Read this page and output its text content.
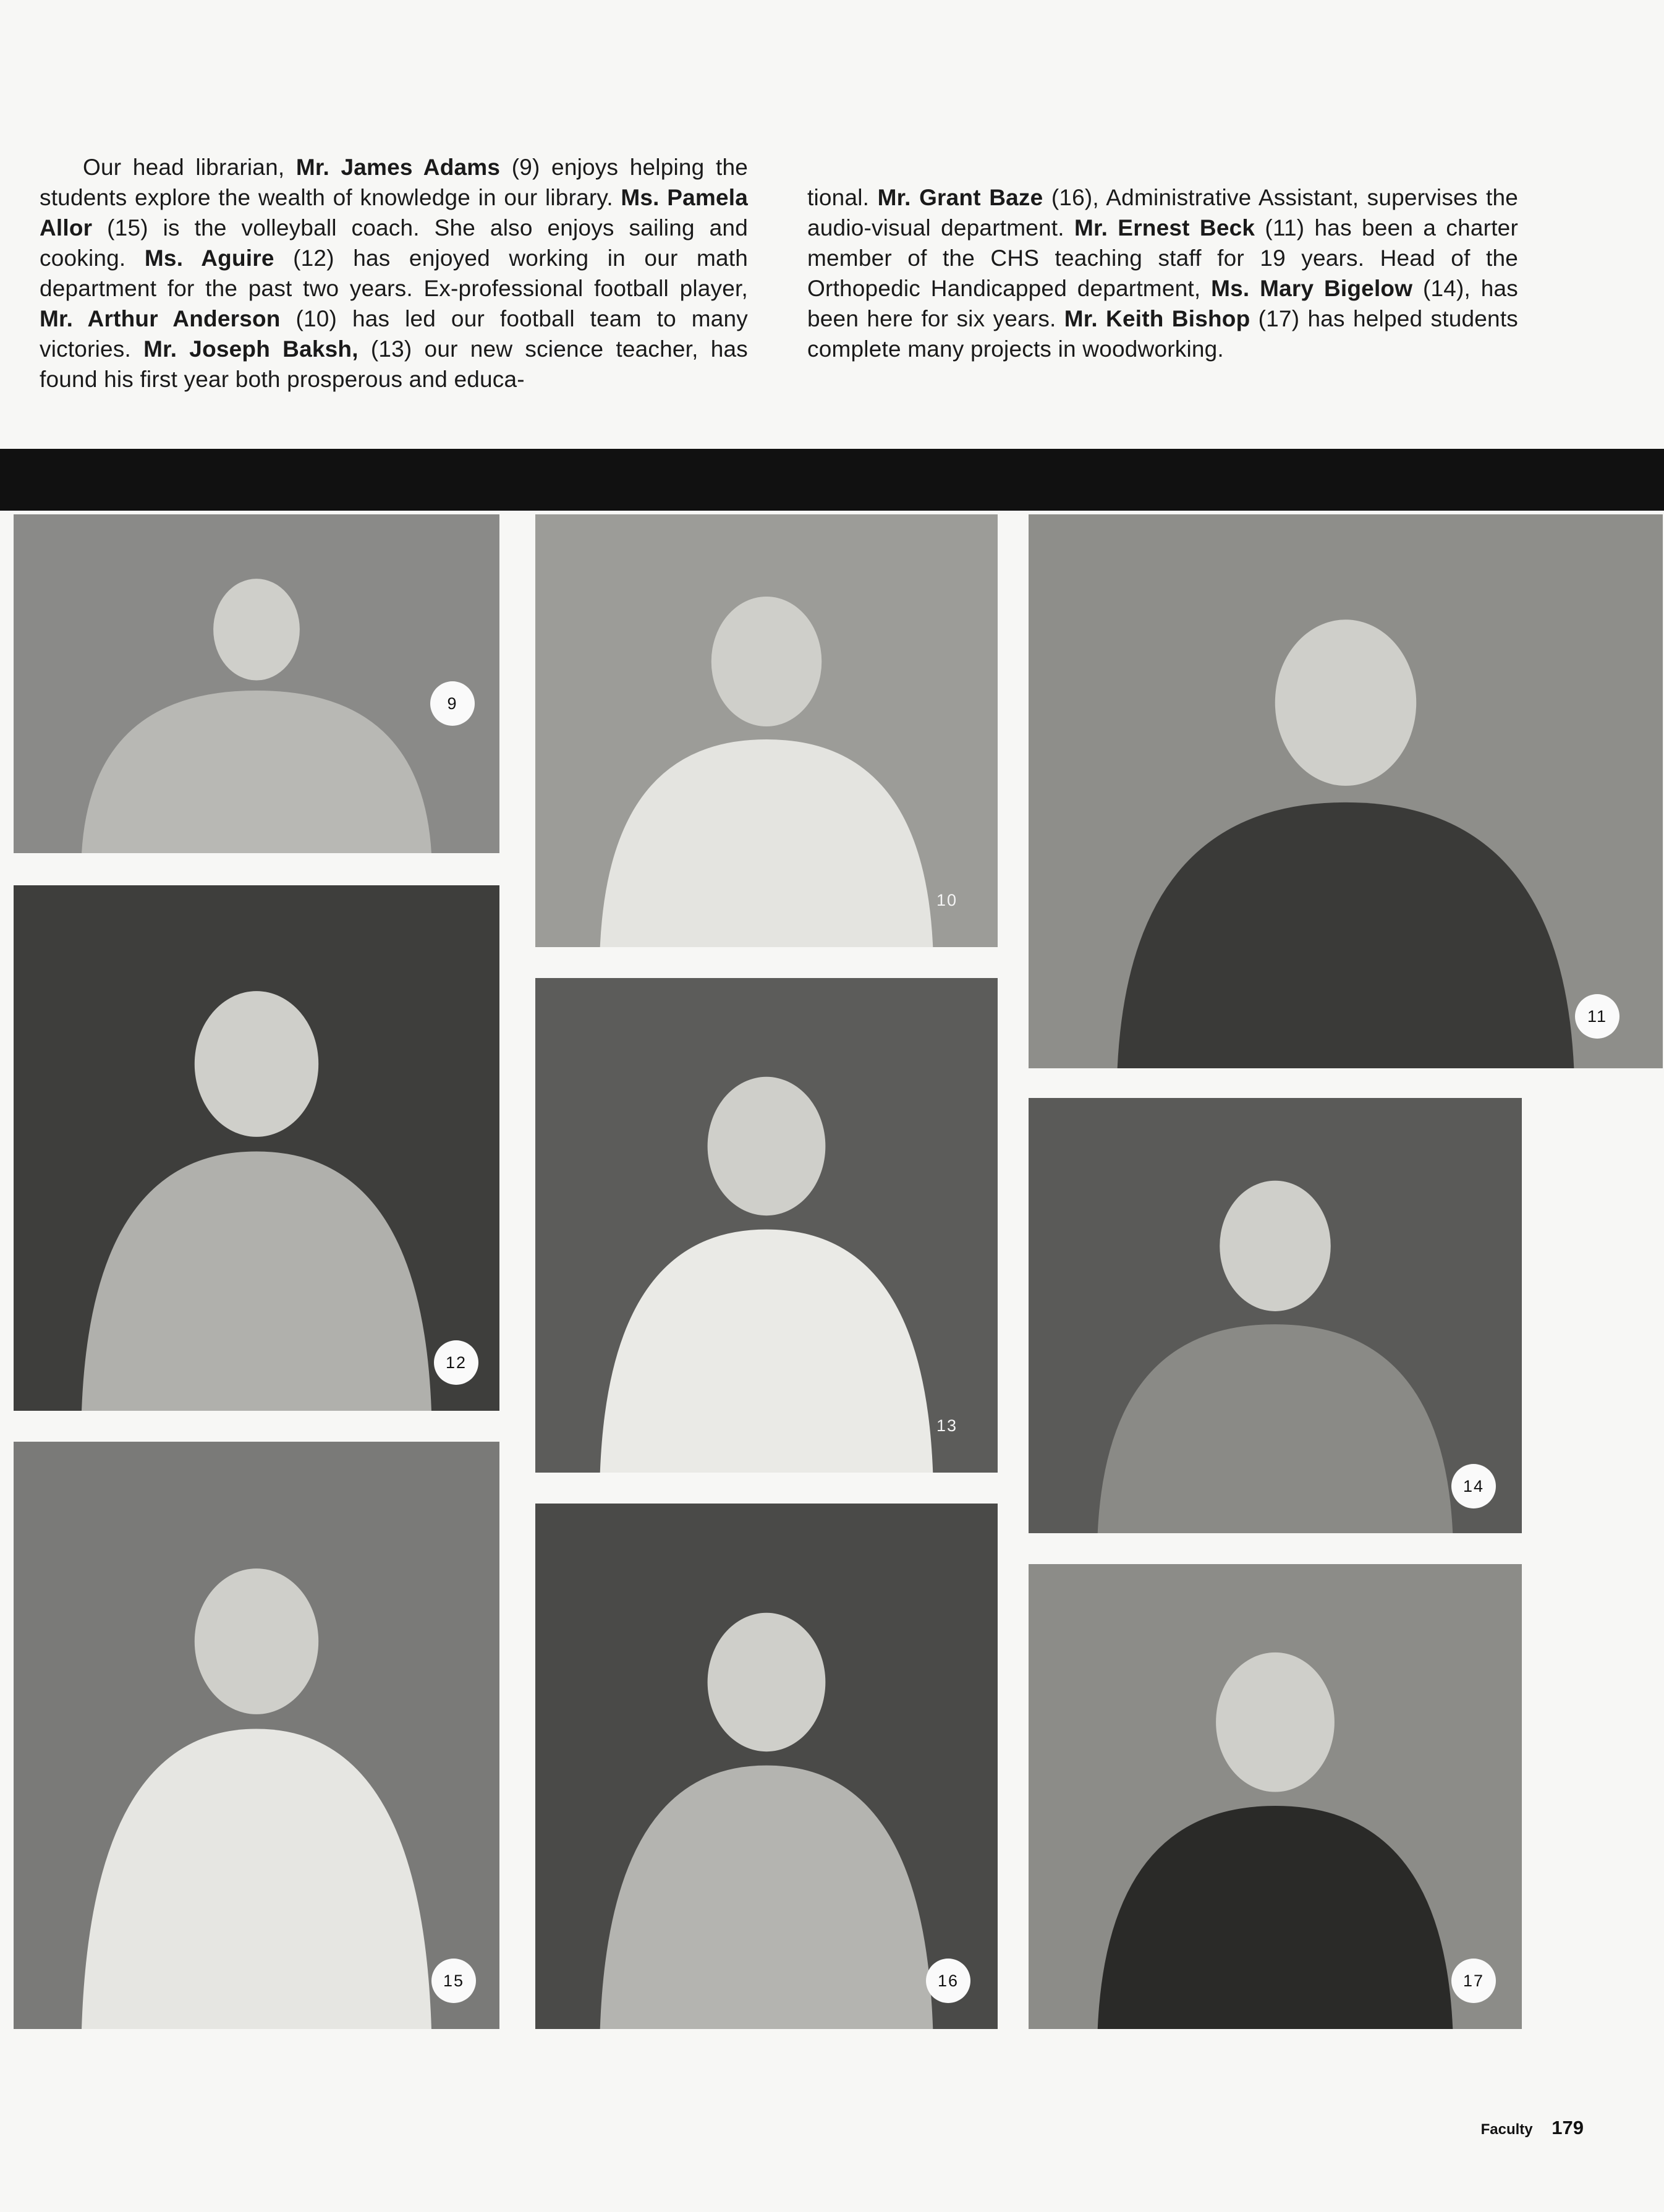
Our head librarian, Mr. James Adams (9) enjoys helping the students explore the wealth of knowledge in our library. Ms. Pamela Allor (15) is the volleyball coach. She also enjoys sailing and cooking. Ms. Aguire (12) has enjoyed working in our math department for the past two years. Ex-professional football player, Mr. Arthur Anderson (10) has led our football team to many victories. Mr. Joseph Baksh, (13) our new science teacher, has found his first year both prosperous and educa-
tional. Mr. Grant Baze (16), Administrative Assistant, supervises the audio-visual department. Mr. Ernest Beck (11) has been a charter member of the CHS teaching staff for 19 years. Head of the Orthopedic Handicapped department, Ms. Mary Bigelow (14), has been here for six years. Mr. Keith Bishop (17) has helped students complete many projects in woodworking.
9
10
11
12
13
14
15	16	17
Faculty 179
